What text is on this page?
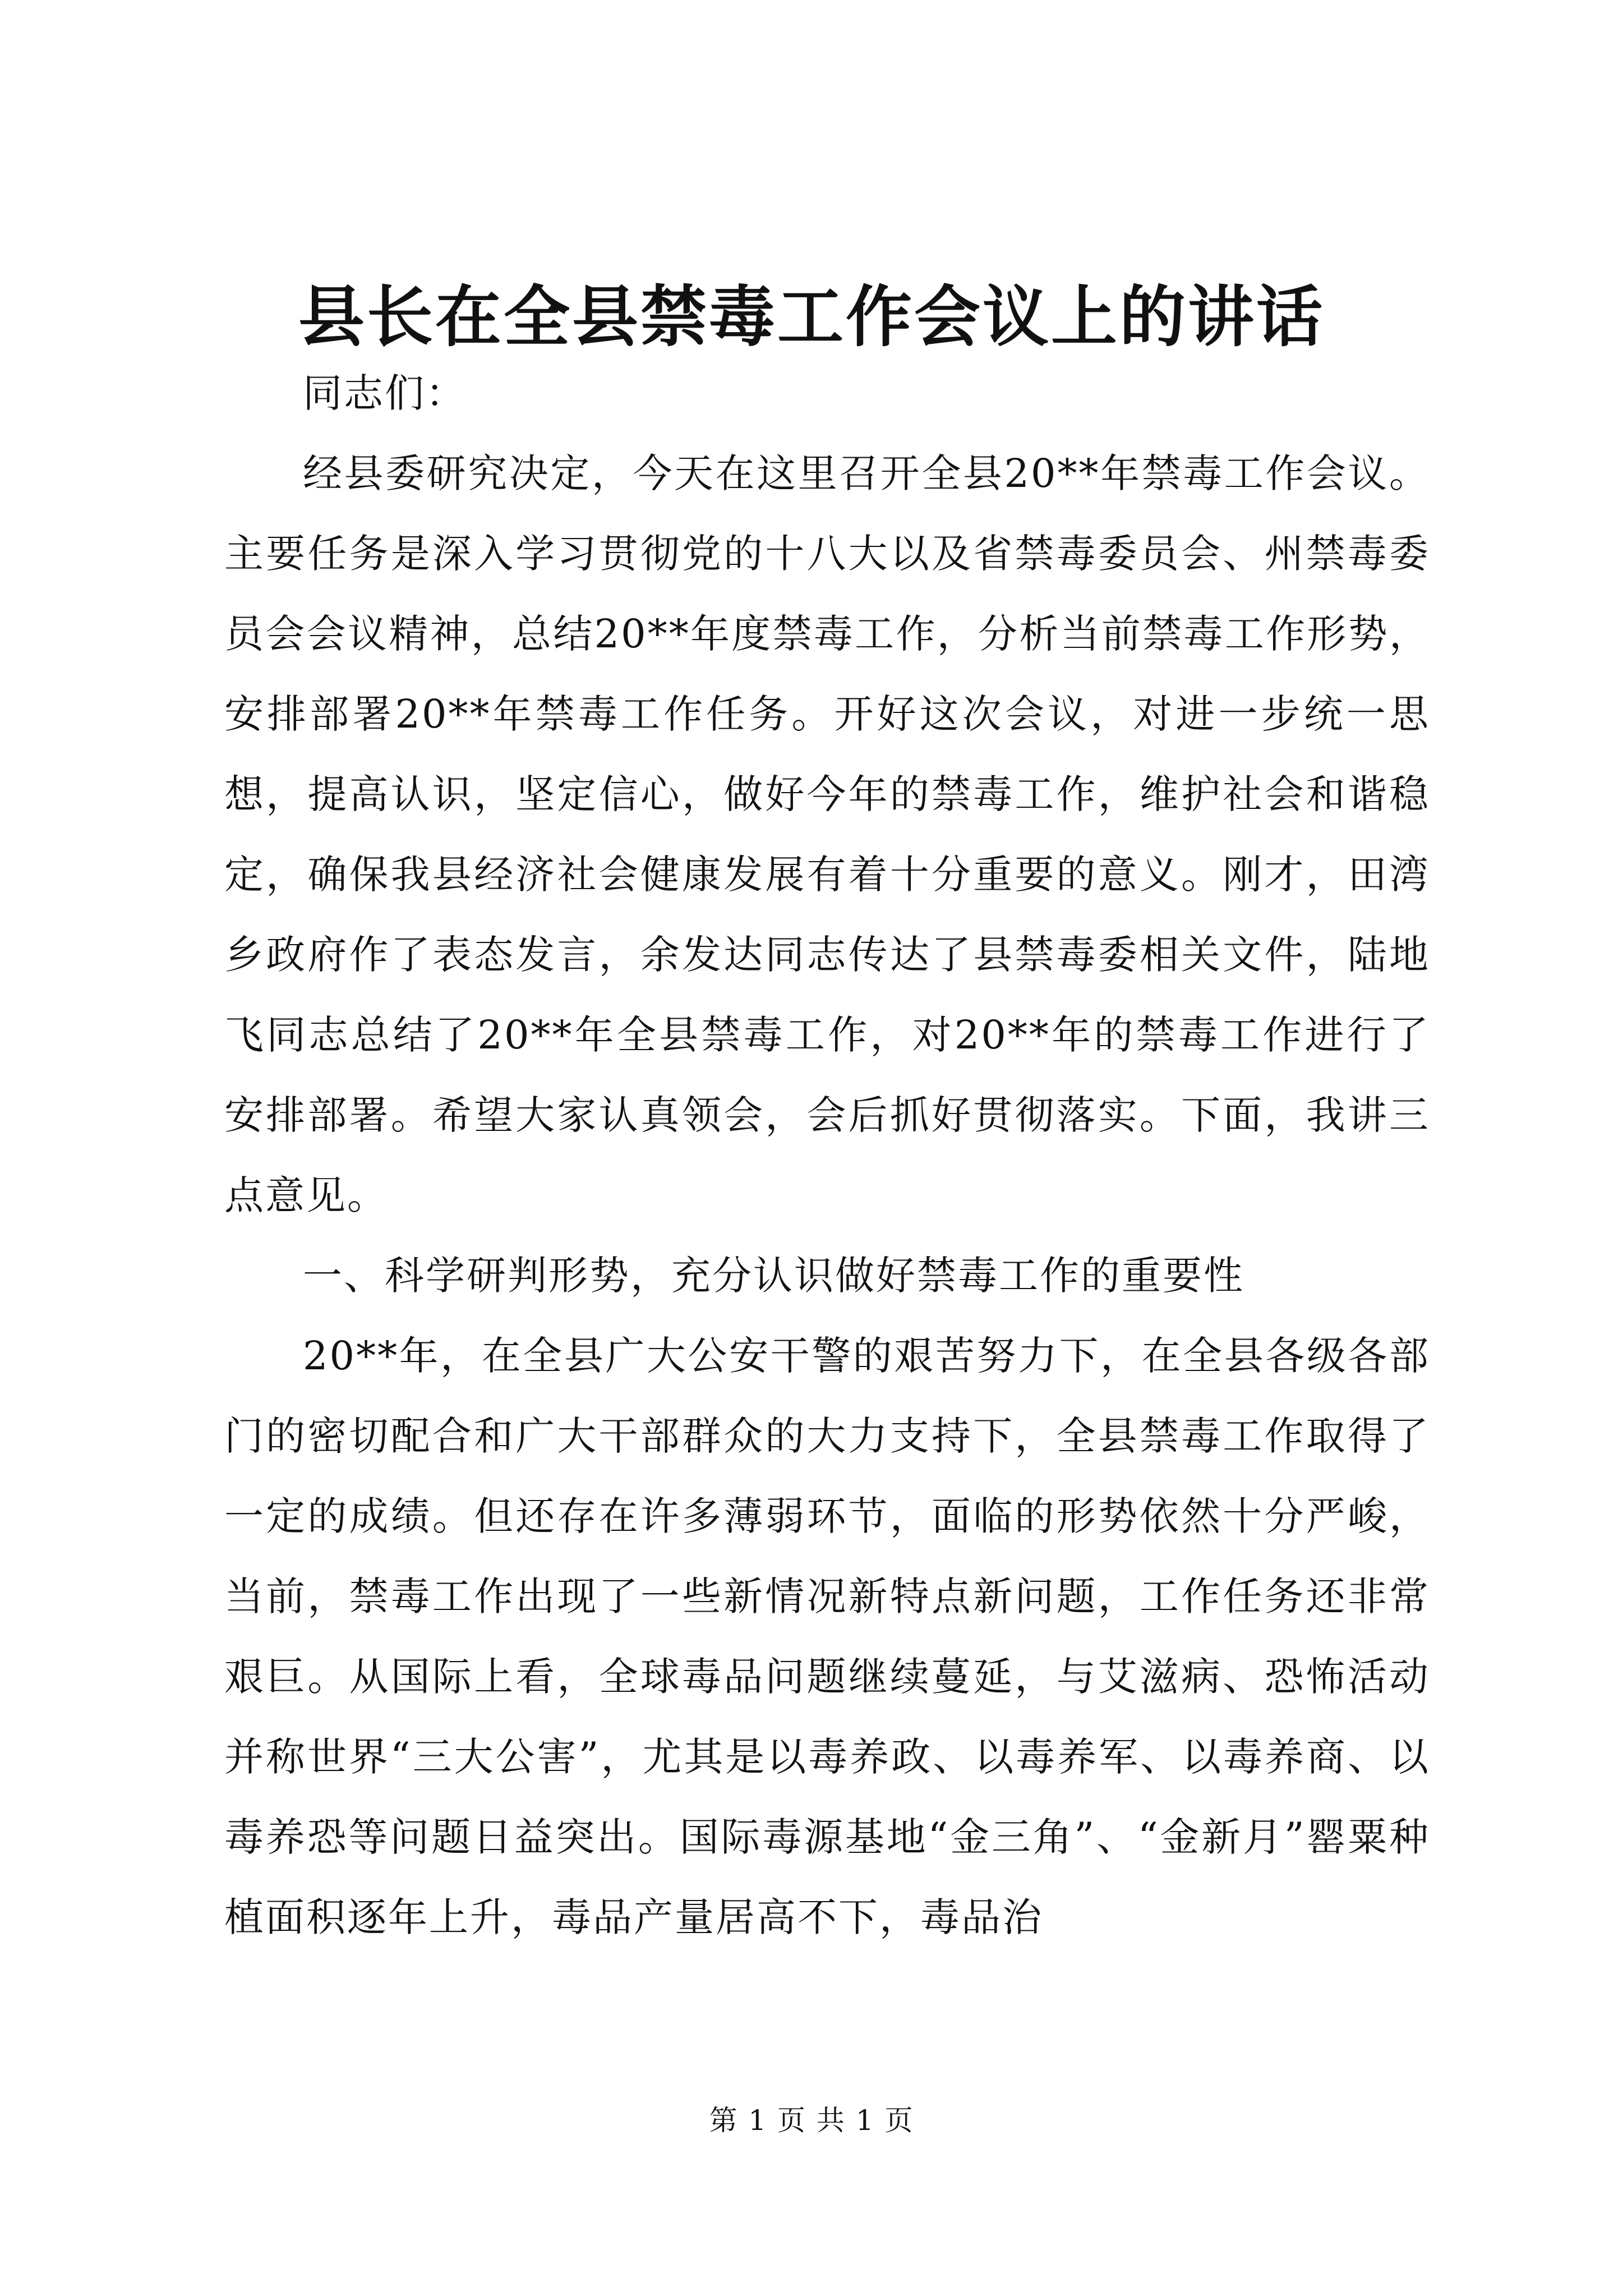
县长在全县禁毒工作会议上的讲话

同志们：

经县委研究决定，今天在这里召开全县20**年禁毒工作会议。主要任务是深入学习贯彻党的十八大以及省禁毒委员会、州禁毒委员会会议精神，总结20**年度禁毒工作，分析当前禁毒工作形势，安排部署20**年禁毒工作任务。开好这次会议，对进一步统一思想，提高认识，坚定信心，做好今年的禁毒工作，维护社会和谐稳定，确保我县经济社会健康发展有着十分重要的意义。刚才，田湾乡政府作了表态发言，余发达同志传达了县禁毒委相关文件，陆地飞同志总结了20**年全县禁毒工作，对20**年的禁毒工作进行了安排部署。希望大家认真领会，会后抓好贯彻落实。下面，我讲三点意见。

一、科学研判形势，充分认识做好禁毒工作的重要性

20**年，在全县广大公安干警的艰苦努力下，在全县各级各部门的密切配合和广大干部群众的大力支持下，全县禁毒工作取得了一定的成绩。但还存在许多薄弱环节，面临的形势依然十分严峻，当前，禁毒工作出现了一些新情况新特点新问题，工作任务还非常艰巨。从国际上看，全球毒品问题继续蔓延，与艾滋病、恐怖活动并称世界“三大公害”，尤其是以毒养政、以毒养军、以毒养商、以毒养恐等问题日益突出。国际毒源基地“金三角”、“金新月”罂粟种植面积逐年上升，毒品产量居高不下，毒品治

第 1 页 共 1 页
